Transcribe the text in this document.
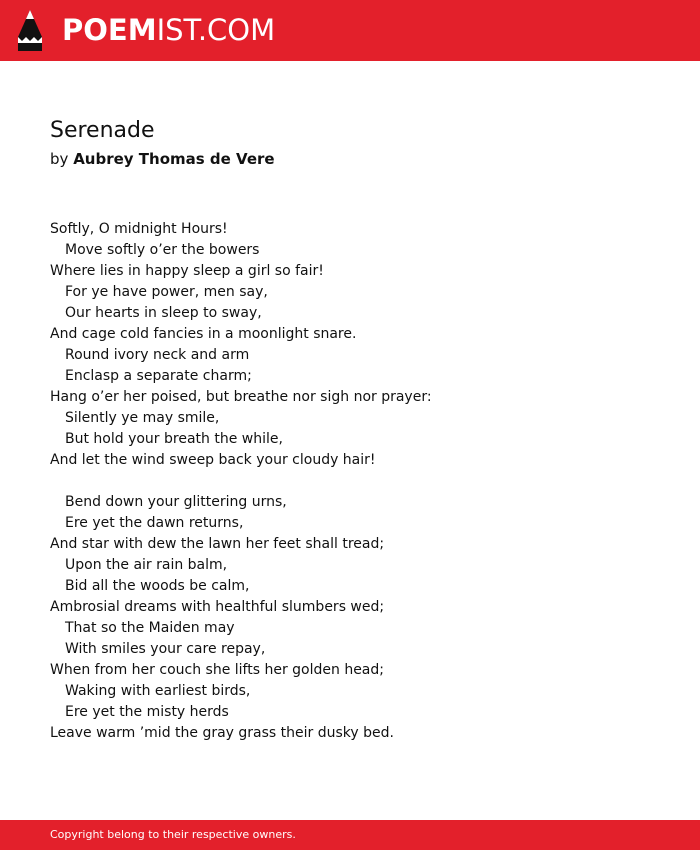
POEMIST.COM
Serenade
by Aubrey Thomas de Vere
Softly, O midnight Hours!
Move softly o’er the bowers
Where lies in happy sleep a girl so fair!
For ye have power, men say,
Our hearts in sleep to sway,
And cage cold fancies in a moonlight snare.
Round ivory neck and arm
Enclasp a separate charm;
Hang o’er her poised, but breathe nor sigh nor prayer:
Silently ye may smile,
But hold your breath the while,
And let the wind sweep back your cloudy hair!
Bend down your glittering urns,
Ere yet the dawn returns,
And star with dew the lawn her feet shall tread;
Upon the air rain balm,
Bid all the woods be calm,
Ambrosial dreams with healthful slumbers wed;
That so the Maiden may
With smiles your care repay,
When from her couch she lifts her golden head;
Waking with earliest birds,
Ere yet the misty herds
Leave warm ’mid the gray grass their dusky bed.
Copyright belong to their respective owners.
